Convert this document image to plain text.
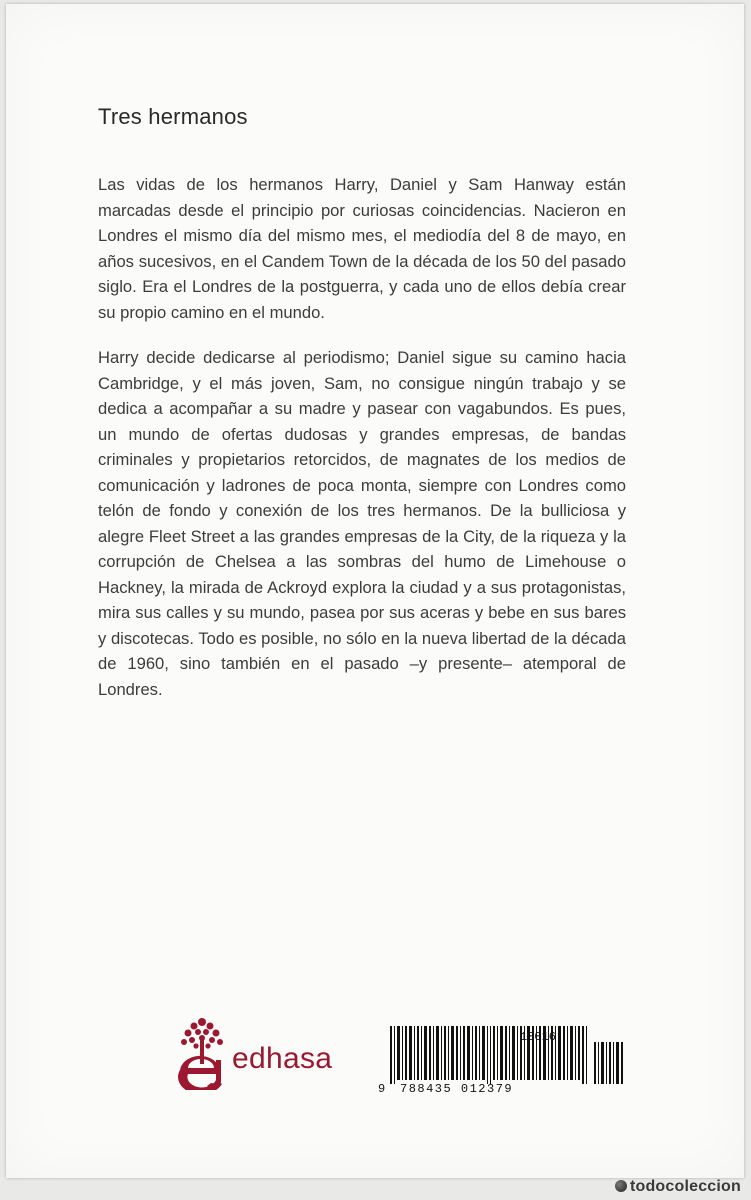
Tres hermanos

Las vidas de los hermanos Harry, Daniel y Sam Hanway están marcadas desde el principio por curiosas coincidencias. Nacieron en Londres el mismo día del mismo mes, el mediodía del 8 de mayo, en años sucesivos, en el Candem Town de la década de los 50 del pasado siglo. Era el Londres de la postguerra, y cada uno de ellos debía crear su propio camino en el mundo.

Harry decide dedicarse al periodismo; Daniel sigue su camino hacia Cambridge, y el más joven, Sam, no consigue ningún trabajo y se dedica a acompañar a su madre y pasear con vagabundos. Es pues, un mundo de ofertas dudosas y grandes empresas, de bandas criminales y propietarios retorcidos, de magnates de los medios de comunicación y ladrones de poca monta, siempre con Londres como telón de fondo y conexión de los tres hermanos. De la bulliciosa y alegre Fleet Street a las grandes empresas de la City, de la riqueza y la corrupción de Chelsea a las sombras del humo de Limehouse o Hackney, la mirada de Ackroyd explora la ciudad y a sus protagonistas, mira sus calles y su mundo, pasea por sus aceras y bebe en sus bares y discotecas. Todo es posible, no sólo en la nueva libertad de la década de 1960, sino también en el pasado –y presente– atemporal de Londres.

edhasa
10016
9 788435 012379
todocoleccion
